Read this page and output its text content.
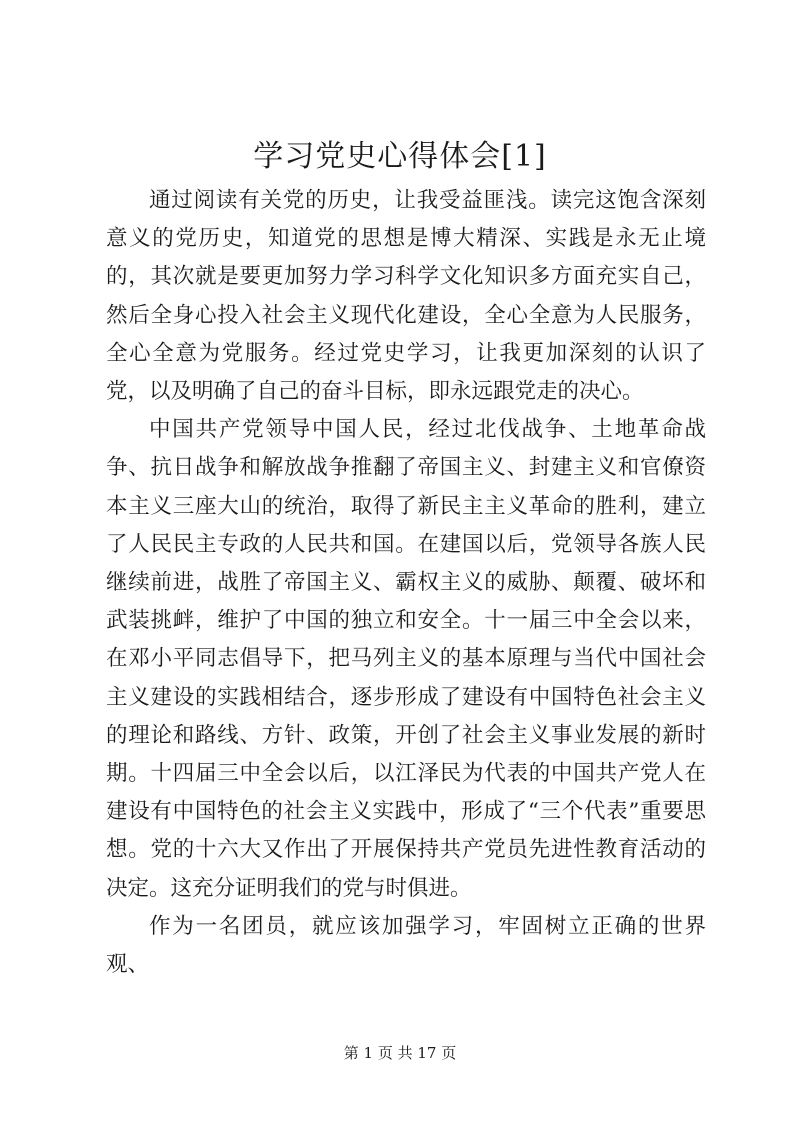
学习党史心得体会[1]

通过阅读有关党的历史，让我受益匪浅。读完这饱含深刻意义的党历史，知道党的思想是博大精深、实践是永无止境的，其次就是要更加努力学习科学文化知识多方面充实自己，然后全身心投入社会主义现代化建设，全心全意为人民服务，全心全意为党服务。经过党史学习，让我更加深刻的认识了党，以及明确了自己的奋斗目标，即永远跟党走的决心。

中国共产党领导中国人民，经过北伐战争、土地革命战争、抗日战争和解放战争推翻了帝国主义、封建主义和官僚资本主义三座大山的统治，取得了新民主主义革命的胜利，建立了人民民主专政的人民共和国。在建国以后，党领导各族人民继续前进，战胜了帝国主义、霸权主义的威胁、颠覆、破坏和武装挑衅，维护了中国的独立和安全。十一届三中全会以来，在邓小平同志倡导下，把马列主义的基本原理与当代中国社会主义建设的实践相结合，逐步形成了建设有中国特色社会主义的理论和路线、方针、政策，开创了社会主义事业发展的新时期。十四届三中全会以后，以江泽民为代表的中国共产党人在建设有中国特色的社会主义实践中，形成了“三个代表”重要思想。党的十六大又作出了开展保持共产党员先进性教育活动的决定。这充分证明我们的党与时俱进。

作为一名团员，就应该加强学习，牢固树立正确的世界观、

第 1 页 共 17 页
